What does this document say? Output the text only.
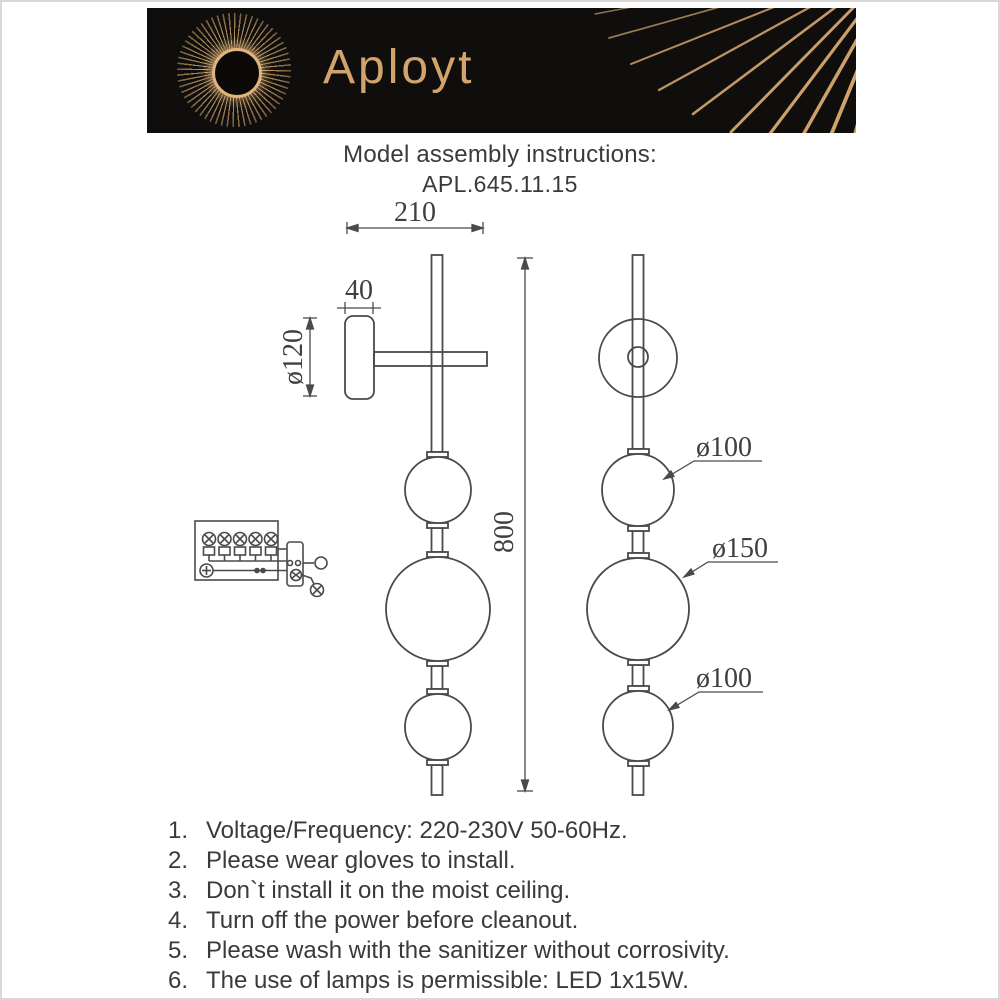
Aployt
Model assembly instructions:
APL.645.11.15
210
40
ø120
800
ø100
ø150
ø100
1. Voltage/Frequency: 220-230V 50-60Hz.
2. Please wear gloves to install.
3. Don`t install it on the moist ceiling.
4. Turn off the power before cleanout.
5. Please wash with the sanitizer without corrosivity.
6. The use of lamps is permissible: LED 1x15W.
